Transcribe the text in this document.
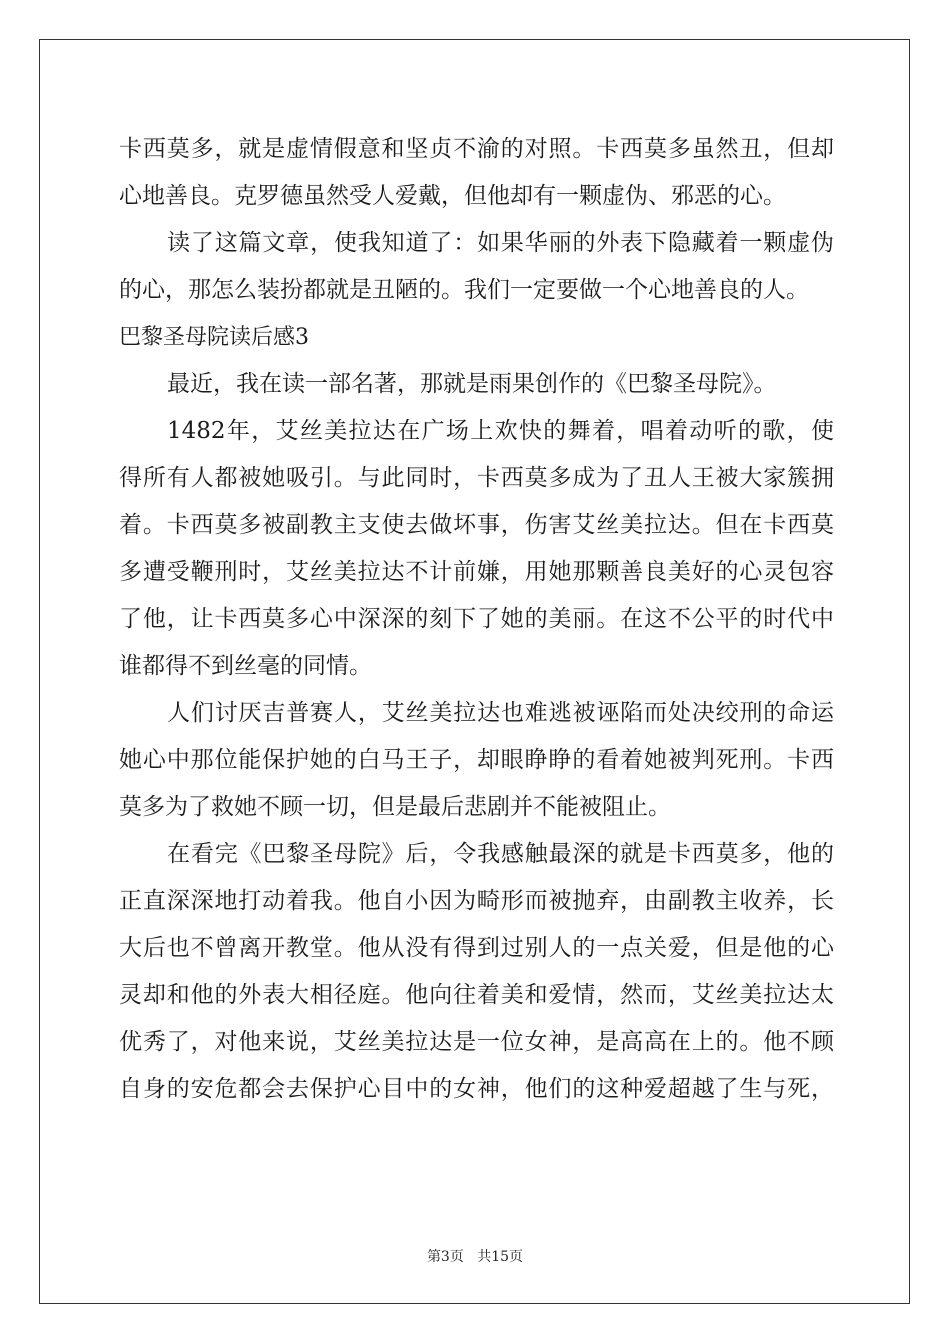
卡西莫多，就是虚情假意和坚贞不渝的对照。卡西莫多虽然丑，但却
心地善良。克罗德虽然受人爱戴，但他却有一颗虚伪、邪恶的心。
读了这篇文章，使我知道了：如果华丽的外表下隐藏着一颗虚伪
的心，那怎么装扮都就是丑陋的。我们一定要做一个心地善良的人。
巴黎圣母院读后感3
最近，我在读一部名著，那就是雨果创作的《巴黎圣母院》。
1482年，艾丝美拉达在广场上欢快的舞着，唱着动听的歌，使
得所有人都被她吸引。与此同时，卡西莫多成为了丑人王被大家簇拥
着。卡西莫多被副教主支使去做坏事，伤害艾丝美拉达。但在卡西莫
多遭受鞭刑时，艾丝美拉达不计前嫌，用她那颗善良美好的心灵包容
了他，让卡西莫多心中深深的刻下了她的美丽。在这不公平的时代中
谁都得不到丝毫的同情。
人们讨厌吉普赛人，艾丝美拉达也难逃被诬陷而处决绞刑的命运
她心中那位能保护她的白马王子，却眼睁睁的看着她被判死刑。卡西
莫多为了救她不顾一切，但是最后悲剧并不能被阻止。
在看完《巴黎圣母院》后，令我感触最深的就是卡西莫多，他的
正直深深地打动着我。他自小因为畸形而被抛弃，由副教主收养，长
大后也不曾离开教堂。他从没有得到过别人的一点关爱，但是他的心
灵却和他的外表大相径庭。他向往着美和爱情，然而，艾丝美拉达太
优秀了，对他来说，艾丝美拉达是一位女神，是高高在上的。他不顾
自身的安危都会去保护心目中的女神，他们的这种爱超越了生与死，
第3页 共15页
